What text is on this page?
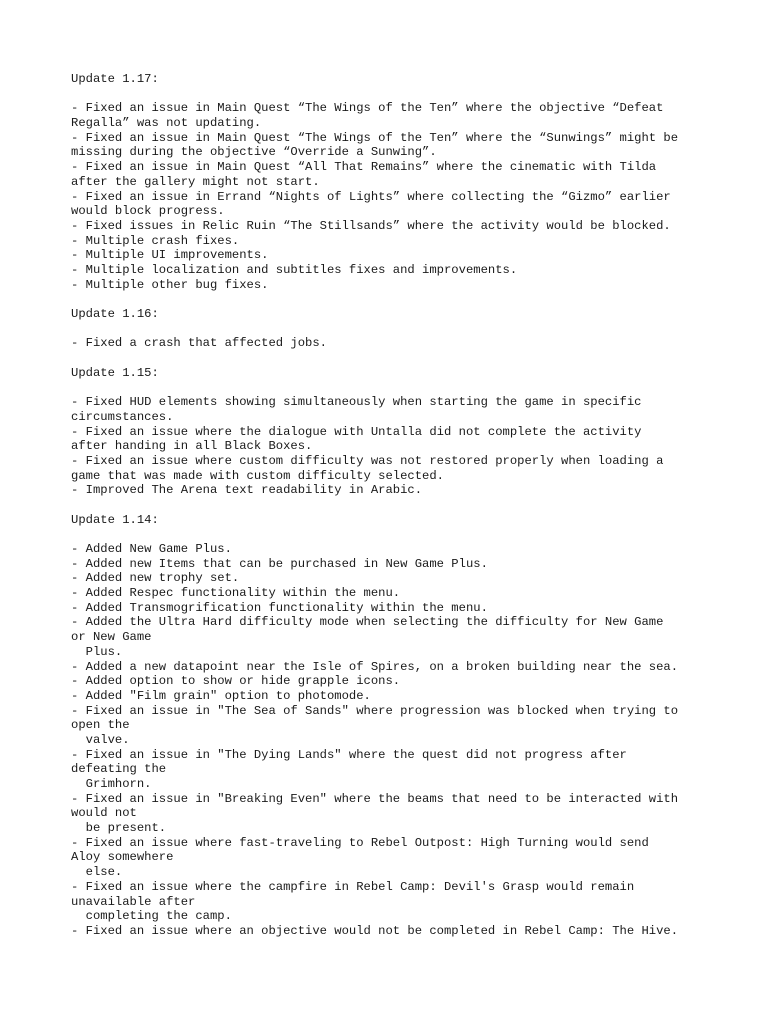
Update 1.17:
- Fixed an issue in Main Quest “The Wings of the Ten” where the objective “Defeat
Regalla” was not updating.
- Fixed an issue in Main Quest “The Wings of the Ten” where the “Sunwings” might be
missing during the objective “Override a Sunwing”.
- Fixed an issue in Main Quest “All That Remains” where the cinematic with Tilda
after the gallery might not start.
- Fixed an issue in Errand “Nights of Lights” where collecting the “Gizmo” earlier
would block progress.
- Fixed issues in Relic Ruin “The Stillsands” where the activity would be blocked.
- Multiple crash fixes.
- Multiple UI improvements.
- Multiple localization and subtitles fixes and improvements.
- Multiple other bug fixes.
Update 1.16:
- Fixed a crash that affected jobs.
Update 1.15:
- Fixed HUD elements showing simultaneously when starting the game in specific
circumstances.
- Fixed an issue where the dialogue with Untalla did not complete the activity
after handing in all Black Boxes.
- Fixed an issue where custom difficulty was not restored properly when loading a
game that was made with custom difficulty selected.
- Improved The Arena text readability in Arabic.
Update 1.14:
- Added New Game Plus.
- Added new Items that can be purchased in New Game Plus.
- Added new trophy set.
- Added Respec functionality within the menu.
- Added Transmogrification functionality within the menu.
- Added the Ultra Hard difficulty mode when selecting the difficulty for New Game
or New Game
Plus.
- Added a new datapoint near the Isle of Spires, on a broken building near the sea.
- Added option to show or hide grapple icons.
- Added "Film grain" option to photomode.
- Fixed an issue in "The Sea of Sands" where progression was blocked when trying to
open the
valve.
- Fixed an issue in "The Dying Lands" where the quest did not progress after
defeating the
Grimhorn.
- Fixed an issue in "Breaking Even" where the beams that need to be interacted with
would not
be present.
- Fixed an issue where fast-traveling to Rebel Outpost: High Turning would send
Aloy somewhere
else.
- Fixed an issue where the campfire in Rebel Camp: Devil's Grasp would remain
unavailable after
completing the camp.
- Fixed an issue where an objective would not be completed in Rebel Camp: The Hive.
